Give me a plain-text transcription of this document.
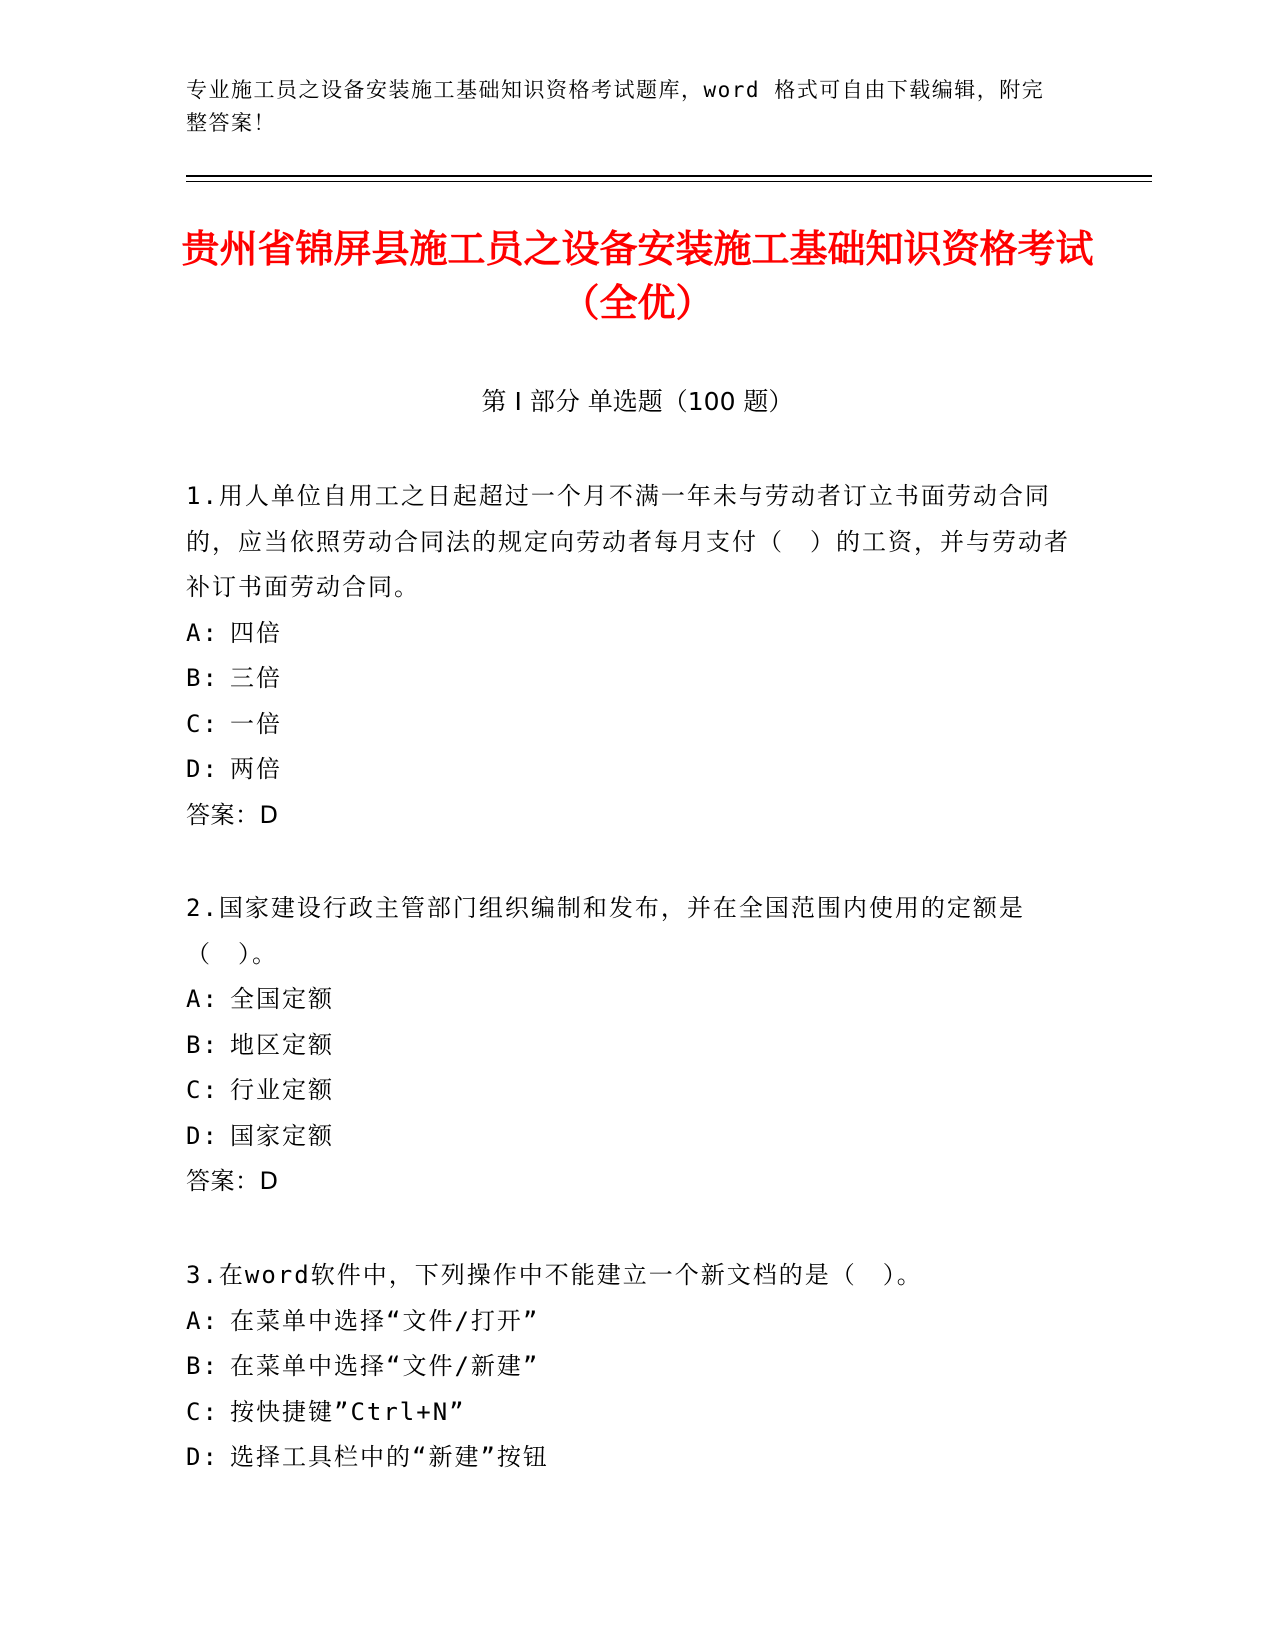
专业施工员之设备安装施工基础知识资格考试题库，word 格式可自由下载编辑，附完整答案！
贵州省锦屏县施工员之设备安装施工基础知识资格考试（全优）
第 I 部分 单选题（100 题）
1.用人单位自用工之日起超过一个月不满一年未与劳动者订立书面劳动合同的，应当依照劳动合同法的规定向劳动者每月支付（　）的工资，并与劳动者补订书面劳动合同。
A: 四倍
B: 三倍
C: 一倍
D: 两倍
答案：D
2.国家建设行政主管部门组织编制和发布，并在全国范围内使用的定额是（　）。
A: 全国定额
B: 地区定额
C: 行业定额
D: 国家定额
答案：D
3.在word软件中，下列操作中不能建立一个新文档的是（　）。
A: 在菜单中选择“文件/打开”
B: 在菜单中选择“文件/新建”
C: 按快捷键”Ctrl+N”
D: 选择工具栏中的“新建”按钮
